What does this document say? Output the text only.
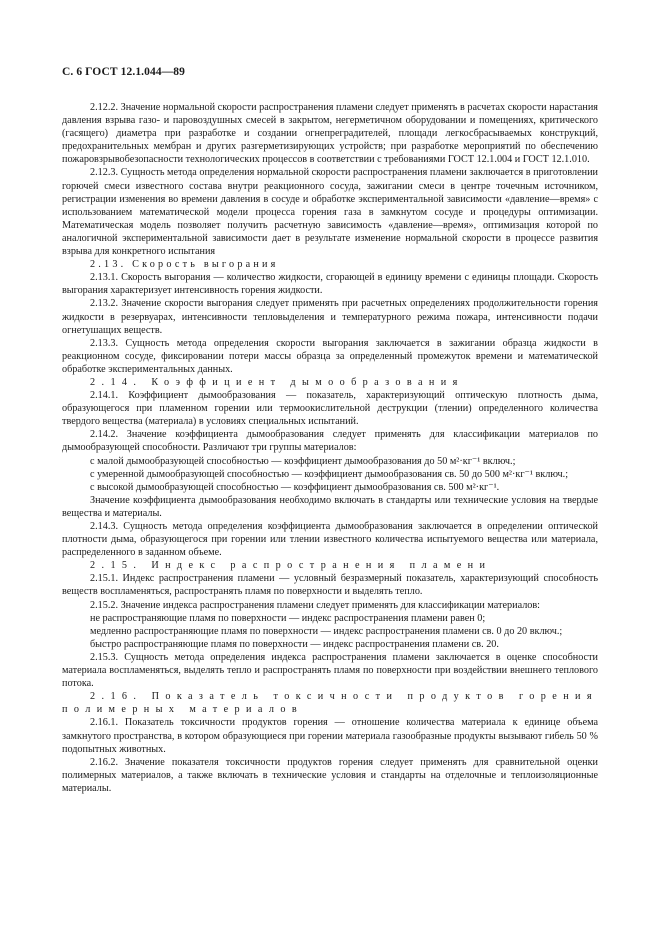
С. 6 ГОСТ 12.1.044—89

2.12.2. Значение нормальной скорости распространения пламени следует применять в расчетах скорости нарастания давления взрыва газо- и паровоздушных смесей в закрытом, негерметичном оборудовании и помещениях, критического (гасящего) диаметра при разработке и создании огнепреградителей, площади легкосбрасываемых конструкций, предохранительных мембран и других разгерметизирующих устройств; при разработке мероприятий по обеспечению пожаровзрывобезопасности технологических процессов в соответствии с требованиями ГОСТ 12.1.004 и ГОСТ 12.1.010.

2.12.3. Сущность метода определения нормальной скорости распространения пламени заключается в приготовлении горючей смеси известного состава внутри реакционного сосуда, зажигании смеси в центре точечным источником, регистрации изменения во времени давления в сосуде и обработке экспериментальной зависимости «давление—время» с использованием математической модели процесса горения газа в замкнутом сосуде и процедуры оптимизации. Математическая модель позволяет получить расчетную зависимость «давление—время», оптимизация которой по аналогичной экспериментальной зависимости дает в результате изменение нормальной скорости в процессе развития взрыва для конкретного испытания

2.13. Скорость выгорания

2.13.1. Скорость выгорания — количество жидкости, сгорающей в единицу времени с единицы площади. Скорость выгорания характеризует интенсивность горения жидкости.

2.13.2. Значение скорости выгорания следует применять при расчетных определениях продолжительности горения жидкости в резервуарах, интенсивности тепловыделения и температурного режима пожара, интенсивности подачи огнетушащих веществ.

2.13.3. Сущность метода определения скорости выгорания заключается в зажигании образца жидкости в реакционном сосуде, фиксировании потери массы образца за определенный промежуток времени и математической обработке экспериментальных данных.

2.14. Коэффициент дымообразования

2.14.1. Коэффициент дымообразования — показатель, характеризующий оптическую плотность дыма, образующегося при пламенном горении или термоокислительной деструкции (тлении) определенного количества твердого вещества (материала) в условиях специальных испытаний.

2.14.2. Значение коэффициента дымообразования следует применять для классификации материалов по дымообразующей способности. Различают три группы материалов:

с малой дымообразующей способностью — коэффициент дымообразования до 50 м²·кг⁻¹ включ.;

с умеренной дымообразующей способностью — коэффициент дымообразования св. 50 до 500 м²·кг⁻¹ включ.;

с высокой дымообразующей способностью — коэффициент дымообразования св. 500 м²·кг⁻¹.

Значение коэффициента дымообразования необходимо включать в стандарты или технические условия на твердые вещества и материалы.

2.14.3. Сущность метода определения коэффициента дымообразования заключается в определении оптической плотности дыма, образующегося при горении или тлении известного количества испытуемого вещества или материала, распределенного в заданном объеме.

2.15. Индекс распространения пламени

2.15.1. Индекс распространения пламени — условный безразмерный показатель, характеризующий способность веществ воспламеняться, распространять пламя по поверхности и выделять тепло.

2.15.2. Значение индекса распространения пламени следует применять для классификации материалов:

не распространяющие пламя по поверхности — индекс распространения пламени равен 0;

медленно распространяющие пламя по поверхности — индекс распространения пламени св. 0 до 20 включ.;

быстро распространяющие пламя по поверхности — индекс распространения пламени св. 20.

2.15.3. Сущность метода определения индекса распространения пламени заключается в оценке способности материала воспламеняться, выделять тепло и распространять пламя по поверхности при воздействии внешнего теплового потока.

2.16. Показатель токсичности продуктов горения полимерных материалов

2.16.1. Показатель токсичности продуктов горения — отношение количества материала к единице объема замкнутого пространства, в котором образующиеся при горении материала газообразные продукты вызывают гибель 50 % подопытных животных.

2.16.2. Значение показателя токсичности продуктов горения следует применять для сравнительной оценки полимерных материалов, а также включать в технические условия и стандарты на отделочные и теплоизоляционные материалы.
